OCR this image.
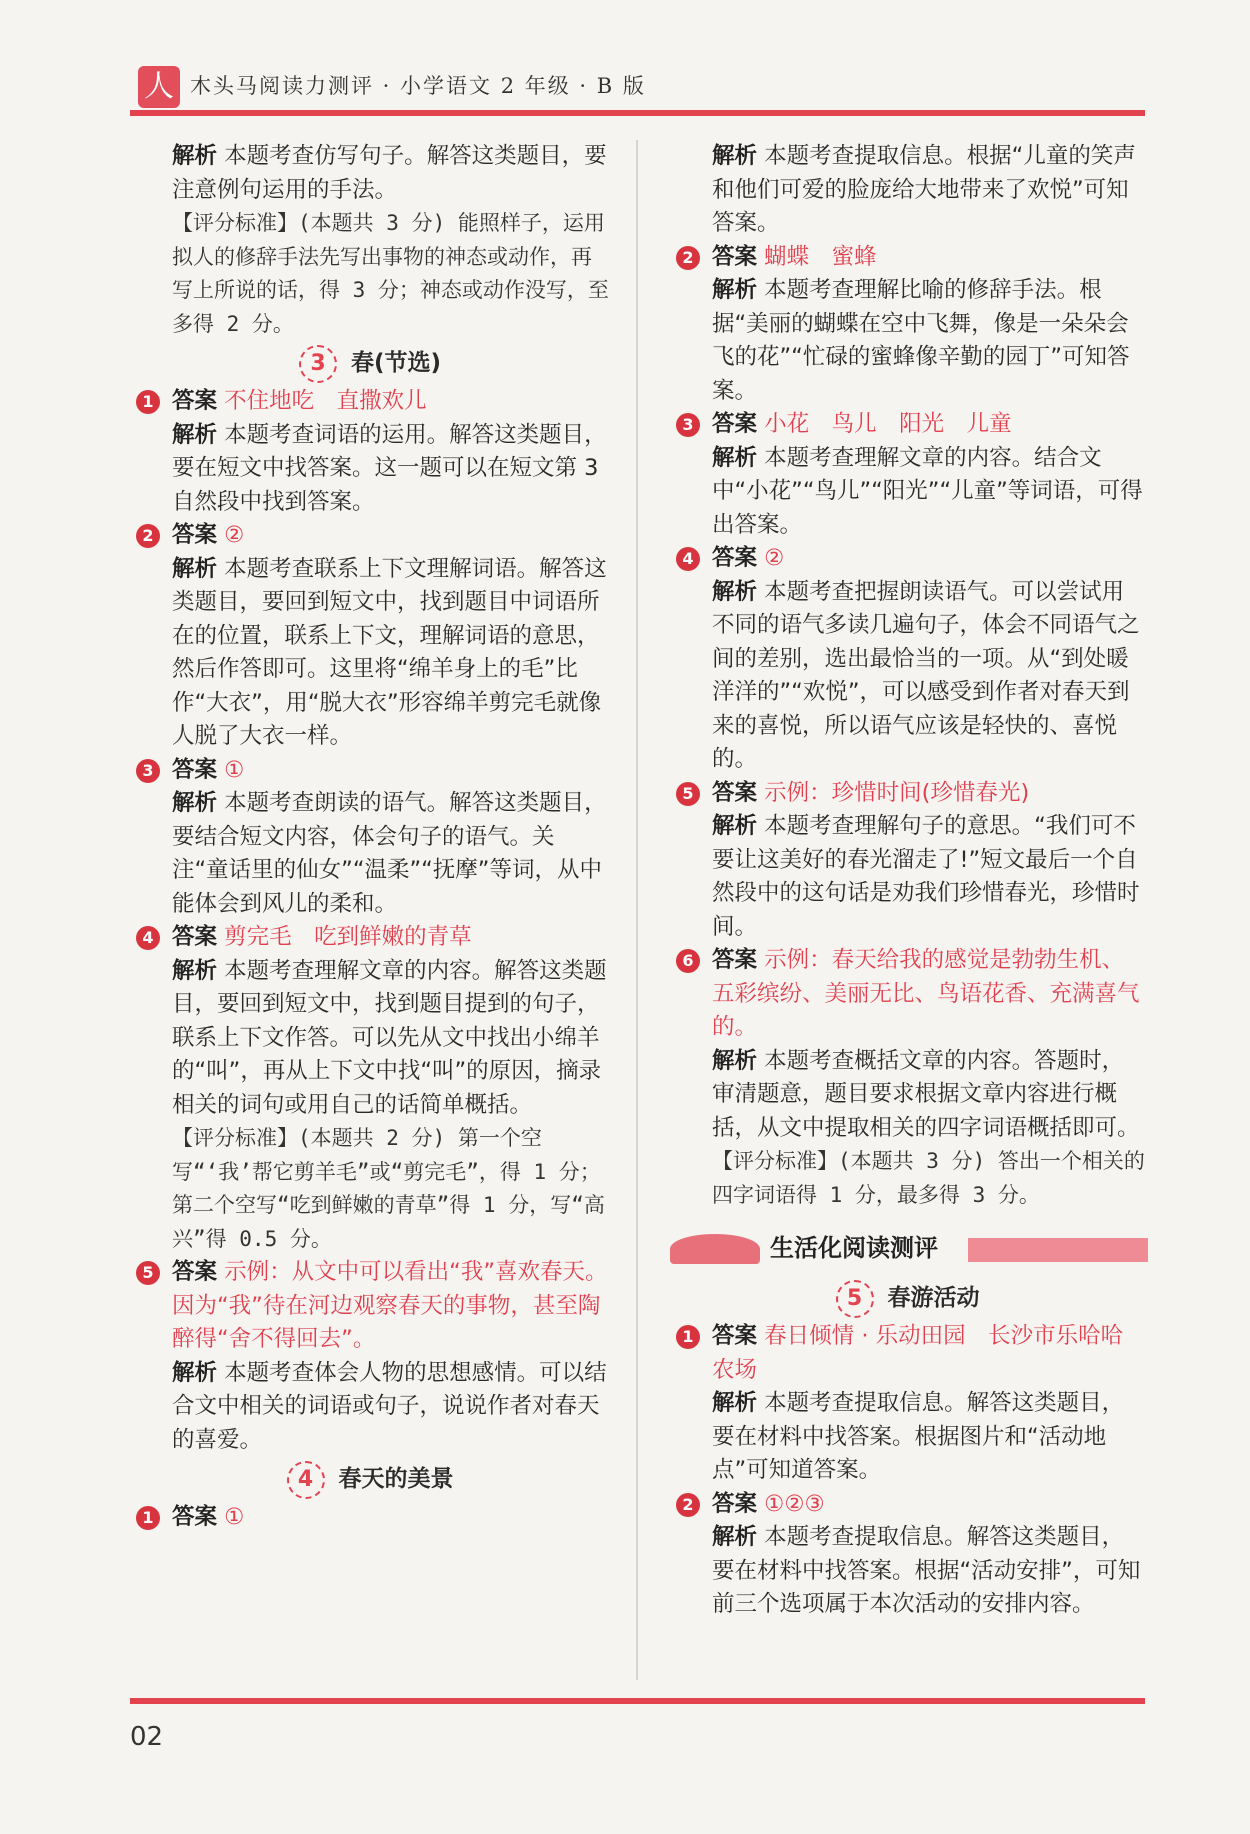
人 木头马阅读力测评 · 小学语文 2 年级 · B 版

解析 本题考查仿写句子。解答这类题目，要注意例句运用的手法。

【评分标准】(本题共 3 分) 能照样子，运用拟人的修辞手法先写出事物的神态或动作，再写上所说的话，得 3 分；神态或动作没写，至多得 2 分。

3 春(节选)
1 答案 不住地吃　直撒欢儿

解析 本题考查词语的运用。解答这类题目，要在短文中找答案。这一题可以在短文第 3 自然段中找到答案。

2 答案 ②

解析 本题考查联系上下文理解词语。解答这类题目，要回到短文中，找到题目中词语所在的位置，联系上下文，理解词语的意思，然后作答即可。这里将“绵羊身上的毛”比作“大衣”，用“脱大衣”形容绵羊剪完毛就像人脱了大衣一样。

3 答案 ①

解析 本题考查朗读的语气。解答这类题目，要结合短文内容，体会句子的语气。关注“童话里的仙女”“温柔”“抚摩”等词，从中能体会到风儿的柔和。

4 答案 剪完毛　吃到鲜嫩的青草

解析 本题考查理解文章的内容。解答这类题目，要回到短文中，找到题目提到的句子，联系上下文作答。可以先从文中找出小绵羊的“叫”，再从上下文中找“叫”的原因，摘录相关的词句或用自己的话简单概括。

【评分标准】(本题共 2 分) 第一个空写“‘我’帮它剪羊毛”或“剪完毛”，得 1 分；第二个空写“吃到鲜嫩的青草”得 1 分，写“高兴”得 0.5 分。

5 答案 示例：从文中可以看出“我”喜欢春天。因为“我”待在河边观察春天的事物，甚至陶醉得“舍不得回去”。

解析 本题考查体会人物的思想感情。可以结合文中相关的词语或句子，说说作者对春天的喜爱。

4 春天的美景
1 答案 ①

解析 本题考查提取信息。根据“儿童的笑声和他们可爱的脸庞给大地带来了欢悦”可知答案。

2 答案 蝴蝶　蜜蜂

解析 本题考查理解比喻的修辞手法。根据“美丽的蝴蝶在空中飞舞，像是一朵朵会飞的花”“忙碌的蜜蜂像辛勤的园丁”可知答案。

3 答案 小花　鸟儿　阳光　儿童

解析 本题考查理解文章的内容。结合文中“小花”“鸟儿”“阳光”“儿童”等词语，可得出答案。

4 答案 ②

解析 本题考查把握朗读语气。可以尝试用不同的语气多读几遍句子，体会不同语气之间的差别，选出最恰当的一项。从“到处暖洋洋的”“欢悦”，可以感受到作者对春天到来的喜悦，所以语气应该是轻快的、喜悦的。

5 答案 示例：珍惜时间(珍惜春光)

解析 本题考查理解句子的意思。“我们可不要让这美好的春光溜走了!”短文最后一个自然段中的这句话是劝我们珍惜春光，珍惜时间。

6 答案 示例：春天给我的感觉是勃勃生机、五彩缤纷、美丽无比、鸟语花香、充满喜气的。

解析 本题考查概括文章的内容。答题时，审清题意，题目要求根据文章内容进行概括，从文中提取相关的四字词语概括即可。

【评分标准】(本题共 3 分) 答出一个相关的四字词语得 1 分，最多得 3 分。

生活化阅读测评
5 春游活动
1 答案 春日倾情 · 乐动田园　长沙市乐哈哈农场

解析 本题考查提取信息。解答这类题目，要在材料中找答案。根据图片和“活动地点”可知道答案。

2 答案 ①②③

解析 本题考查提取信息。解答这类题目，要在材料中找答案。根据“活动安排”，可知前三个选项属于本次活动的安排内容。

02
